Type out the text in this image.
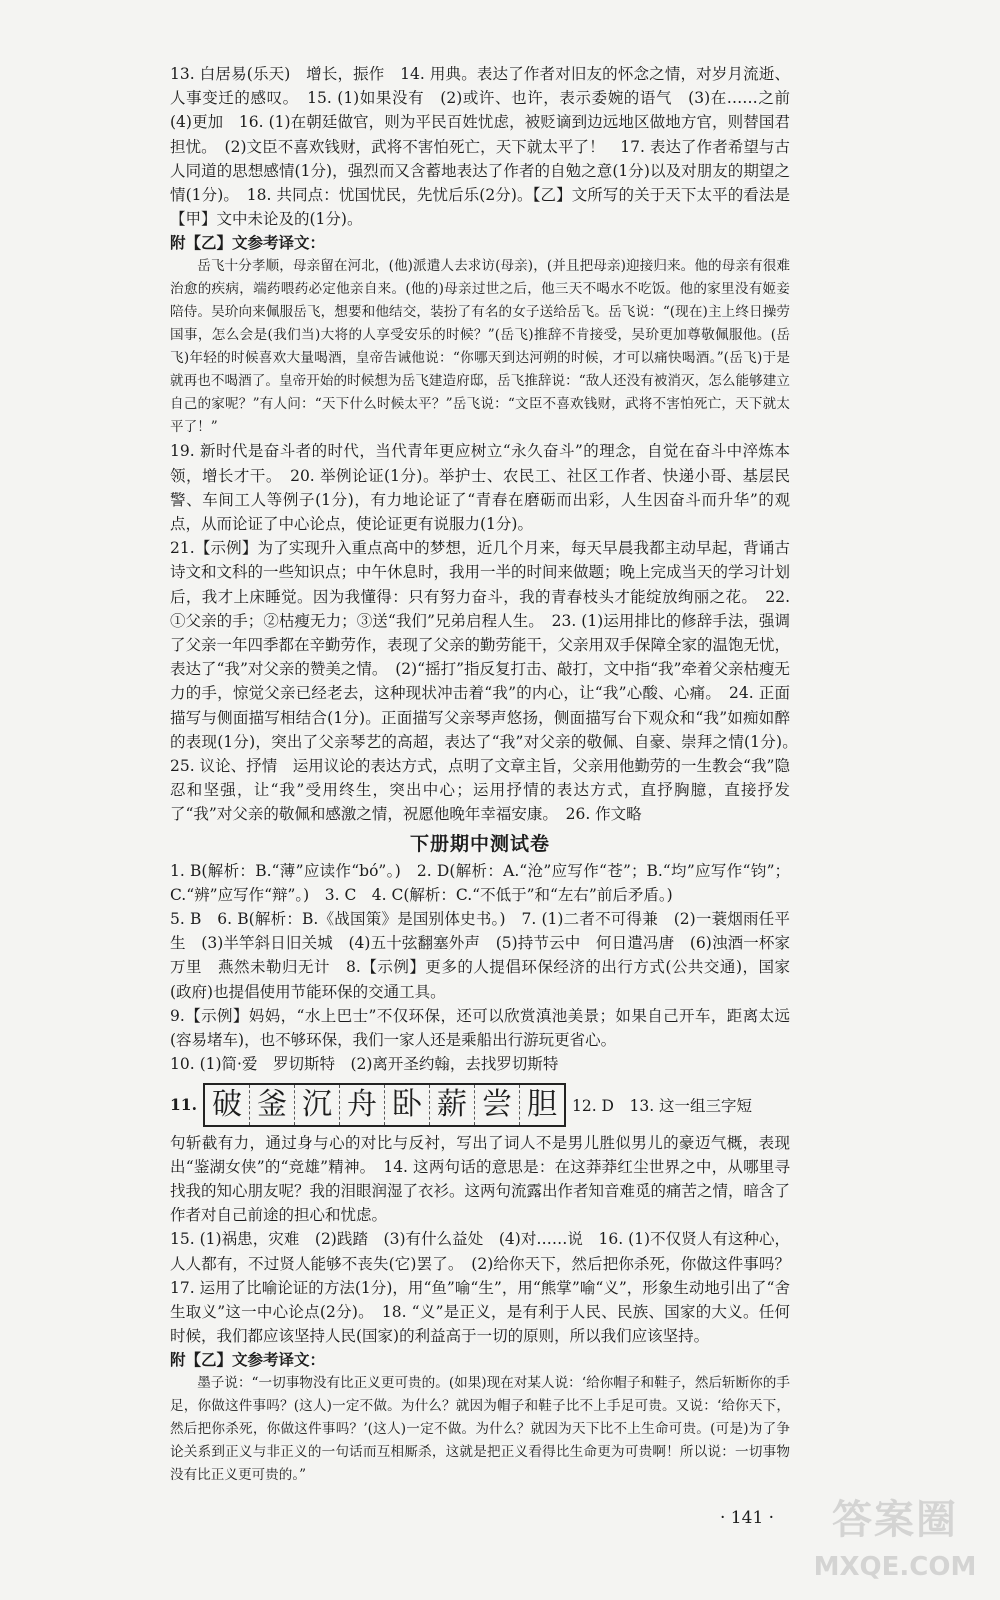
13. 白居易(乐天)　增长，振作　14. 用典。表达了作者对旧友的怀念之情，对岁月流逝、人事变迁的感叹。　15. (1)如果没有　(2)或许、也许，表示委婉的语气　(3)在……之前　(4)更加　16. (1)在朝廷做官，则为平民百姓忧虑，被贬谪到边远地区做地方官，则替国君担忧。　(2)文臣不喜欢钱财，武将不害怕死亡，天下就太平了！　17. 表达了作者希望与古人同道的思想感情(1分)，强烈而又含蓄地表达了作者的自勉之意(1分)以及对朋友的期望之情(1分)。　18. 共同点：忧国忧民，先忧后乐(2分)。【乙】文所写的关于天下太平的看法是【甲】文中未论及的(1分)。

附【乙】文参考译文：

岳飞十分孝顺，母亲留在河北，(他)派遣人去求访(母亲)，(并且把母亲)迎接归来。他的母亲有很难治愈的疾病，端药喂药必定他亲自来。(他的)母亲过世之后，他三天不喝水不吃饭。他的家里没有姬妾陪侍。吴玠向来佩服岳飞，想要和他结交，装扮了有名的女子送给岳飞。岳飞说：“(现在)主上终日操劳国事，怎么会是(我们当)大将的人享受安乐的时候？”(岳飞)推辞不肯接受，吴玠更加尊敬佩服他。(岳飞)年轻的时候喜欢大量喝酒，皇帝告诫他说：“你哪天到达河朔的时候，才可以痛快喝酒。”(岳飞)于是就再也不喝酒了。皇帝开始的时候想为岳飞建造府邸，岳飞推辞说：“敌人还没有被消灭，怎么能够建立自己的家呢？”有人问：“天下什么时候太平？”岳飞说：“文臣不喜欢钱财，武将不害怕死亡，天下就太平了！”

19. 新时代是奋斗者的时代，当代青年更应树立“永久奋斗”的理念，自觉在奋斗中淬炼本领，增长才干。　20. 举例论证(1分)。举护士、农民工、社区工作者、快递小哥、基层民警、车间工人等例子(1分)，有力地论证了“青春在磨砺而出彩，人生因奋斗而升华”的观点，从而论证了中心论点，使论证更有说服力(1分)。

21.【示例】为了实现升入重点高中的梦想，近几个月来，每天早晨我都主动早起，背诵古诗文和文科的一些知识点；中午休息时，我用一半的时间来做题；晚上完成当天的学习计划后，我才上床睡觉。因为我懂得：只有努力奋斗，我的青春枝头才能绽放绚丽之花。　22. ①父亲的手；②枯瘦无力；③送“我们”兄弟启程人生。　23. (1)运用排比的修辞手法，强调了父亲一年四季都在辛勤劳作，表现了父亲的勤劳能干，父亲用双手保障全家的温饱无忧，表达了“我”对父亲的赞美之情。　(2)“摇打”指反复打击、敲打，文中指“我”牵着父亲枯瘦无力的手，惊觉父亲已经老去，这种现状冲击着“我”的内心，让“我”心酸、心痛。　24. 正面描写与侧面描写相结合(1分)。正面描写父亲琴声悠扬，侧面描写台下观众和“我”如痴如醉的表现(1分)，突出了父亲琴艺的高超，表达了“我”对父亲的敬佩、自豪、崇拜之情(1分)。　25. 议论、抒情　运用议论的表达方式，点明了文章主旨，父亲用他勤劳的一生教会“我”隐忍和坚强，让“我”受用终生，突出中心；运用抒情的表达方式，直抒胸臆，直接抒发了“我”对父亲的敬佩和感激之情，祝愿他晚年幸福安康。　26. 作文略

下册期中测试卷

1. B(解析：B.“薄”应读作“bó”。)　2. D(解析：A.“沧”应写作“苍”；B.“均”应写作“钧”；C.“辨”应写作“辩”。)　3. C　4. C(解析：C.“不低于”和“左右”前后矛盾。)

5. B　6. B(解析：B.《战国策》是国别体史书。)　7. (1)二者不可得兼　(2)一蓑烟雨任平生　(3)半竿斜日旧关城　(4)五十弦翻塞外声　(5)持节云中　何日遣冯唐　(6)浊酒一杯家万里　燕然未勒归无计　8.【示例】更多的人提倡环保经济的出行方式(公共交通)，国家(政府)也提倡使用节能环保的交通工具。

9.【示例】妈妈，“水上巴士”不仅环保，还可以欣赏滇池美景；如果自己开车，距离太远(容易堵车)，也不够环保，我们一家人还是乘船出行游玩更省心。

10. (1)简·爱　罗切斯特　(2)离开圣约翰，去找罗切斯特

11. 破 釜 沉 舟 卧 薪 尝 胆 12. D　13. 这一组三字短

句斩截有力，通过身与心的对比与反衬，写出了词人不是男儿胜似男儿的豪迈气概，表现出“鉴湖女侠”的“竞雄”精神。　14. 这两句话的意思是：在这莽莽红尘世界之中，从哪里寻找我的知心朋友呢？我的泪眼润湿了衣衫。这两句流露出作者知音难觅的痛苦之情，暗含了作者对自己前途的担心和忧虑。

15. (1)祸患，灾难　(2)践踏　(3)有什么益处　(4)对……说　16. (1)不仅贤人有这种心，人人都有，不过贤人能够不丧失(它)罢了。　(2)给你天下，然后把你杀死，你做这件事吗？　17. 运用了比喻论证的方法(1分)，用“鱼”喻“生”，用“熊掌”喻“义”，形象生动地引出了“舍生取义”这一中心论点(2分)。　18. “义”是正义，是有利于人民、民族、国家的大义。任何时候，我们都应该坚持人民(国家)的利益高于一切的原则，所以我们应该坚持。

附【乙】文参考译文：

墨子说：“一切事物没有比正义更可贵的。(如果)现在对某人说：‘给你帽子和鞋子，然后斩断你的手足，你做这件事吗？(这人)一定不做。为什么？就因为帽子和鞋子比不上手足可贵。又说：‘给你天下，然后把你杀死，你做这件事吗？’(这人)一定不做。为什么？就因为天下比不上生命可贵。(可是)为了争论关系到正义与非正义的一句话而互相厮杀，这就是把正义看得比生命更为可贵啊！所以说：一切事物没有比正义更可贵的。”

· 141 ·	答案圈
MXQE.COM
